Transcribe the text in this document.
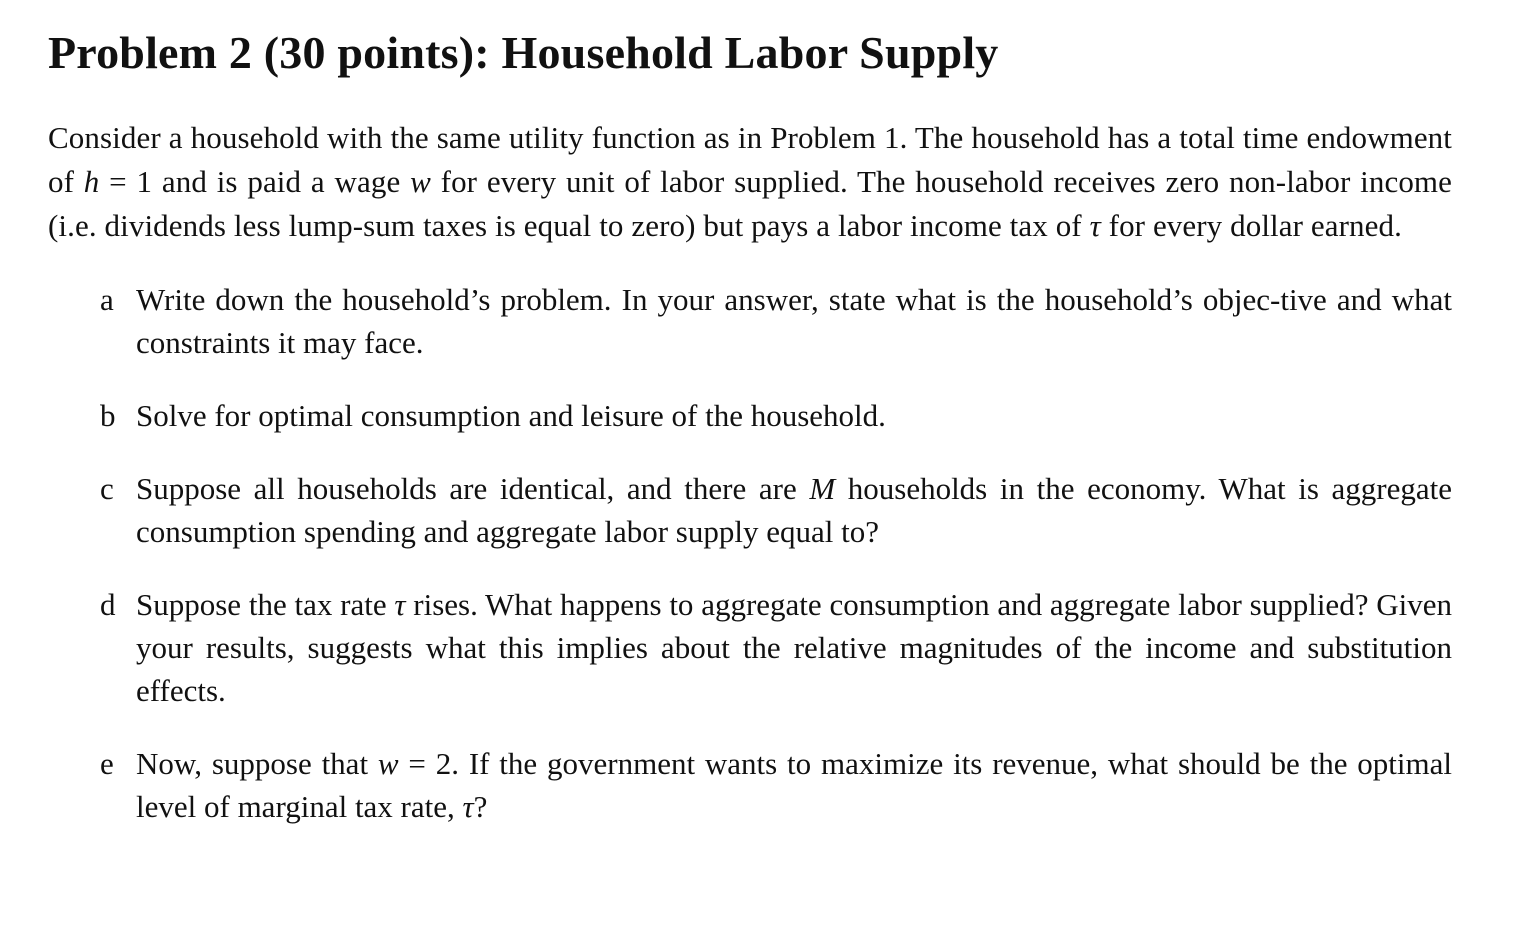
Problem 2 (30 points): Household Labor Supply

Consider a household with the same utility function as in Problem 1. The household has a total time endowment of h = 1 and is paid a wage w for every unit of labor supplied. The household receives zero non-labor income (i.e. dividends less lump-sum taxes is equal to zero) but pays a labor income tax of τ for every dollar earned.

a Write down the household’s problem. In your answer, state what is the household’s objec-tive and what constraints it may face.
b Solve for optimal consumption and leisure of the household.
c Suppose all households are identical, and there are M households in the economy. What is aggregate consumption spending and aggregate labor supply equal to?
d Suppose the tax rate τ rises. What happens to aggregate consumption and aggregate labor supplied? Given your results, suggests what this implies about the relative magnitudes of the income and substitution effects.
e Now, suppose that w = 2. If the government wants to maximize its revenue, what should be the optimal level of marginal tax rate, τ?
